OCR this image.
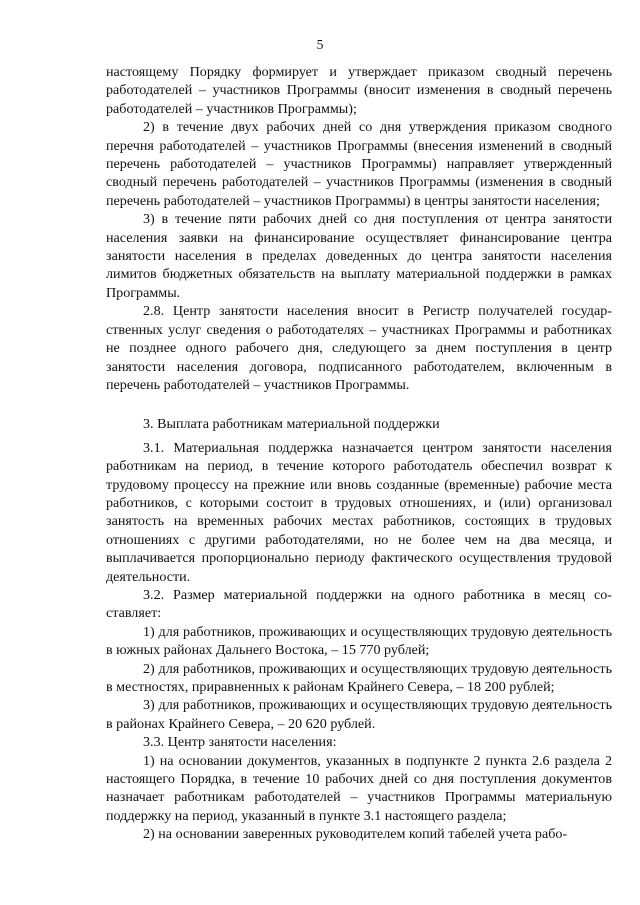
5

настоящему Порядку формирует и утверждает приказом сводный перечень работодателей – участников Программы (вносит изменения в сводный перечень работодателей – участников Программы);

2) в течение двух рабочих дней со дня утверждения приказом сводного перечня работодателей – участников Программы (внесения изменений в сводный перечень работодателей – участников Программы) направляет утвержденный сводный перечень работодателей – участников Программы (изменения в сводный перечень работодателей – участников Программы) в центры занятости населения;

3) в течение пяти рабочих дней со дня поступления от центра занятости населения заявки на финансирование осуществляет финансирование центра занятости населения в пределах доведенных до центра занятости населения лимитов бюджетных обязательств на выплату материальной поддержки в рамках Программы.

2.8. Центр занятости населения вносит в Регистр получателей государственных услуг сведения о работодателях – участниках Программы и работниках не позднее одного рабочего дня, следующего за днем поступления в центр занятости населения договора, подписанного работодателем, включенным в перечень работодателей – участников Программы.

3. Выплата работникам материальной поддержки

3.1. Материальная поддержка назначается центром занятости населения работникам на период, в течение которого работодатель обеспечил возврат к трудовому процессу на прежние или вновь созданные (временные) рабочие места работников, с которыми состоит в трудовых отношениях, и (или) организовал занятость на временных рабочих местах работников, состоящих в трудовых отношениях с другими работодателями, но не более чем на два месяца, и выплачивается пропорционально периоду фактического осуществления трудовой деятельности.

3.2. Размер материальной поддержки на одного работника в месяц составляет:

1) для работников, проживающих и осуществляющих трудовую деятельность в южных районах Дальнего Востока, – 15 770 рублей;

2) для работников, проживающих и осуществляющих трудовую деятельность в местностях, приравненных к районам Крайнего Севера, – 18 200 рублей;

3) для работников, проживающих и осуществляющих трудовую деятельность в районах Крайнего Севера, – 20 620 рублей.

3.3. Центр занятости населения:

1) на основании документов, указанных в подпункте 2 пункта 2.6 раздела 2 настоящего Порядка, в течение 10 рабочих дней со дня поступления документов назначает работникам работодателей – участников Программы материальную поддержку на период, указанный в пункте 3.1 настоящего раздела;

2) на основании заверенных руководителем копий табелей учета рабо-
